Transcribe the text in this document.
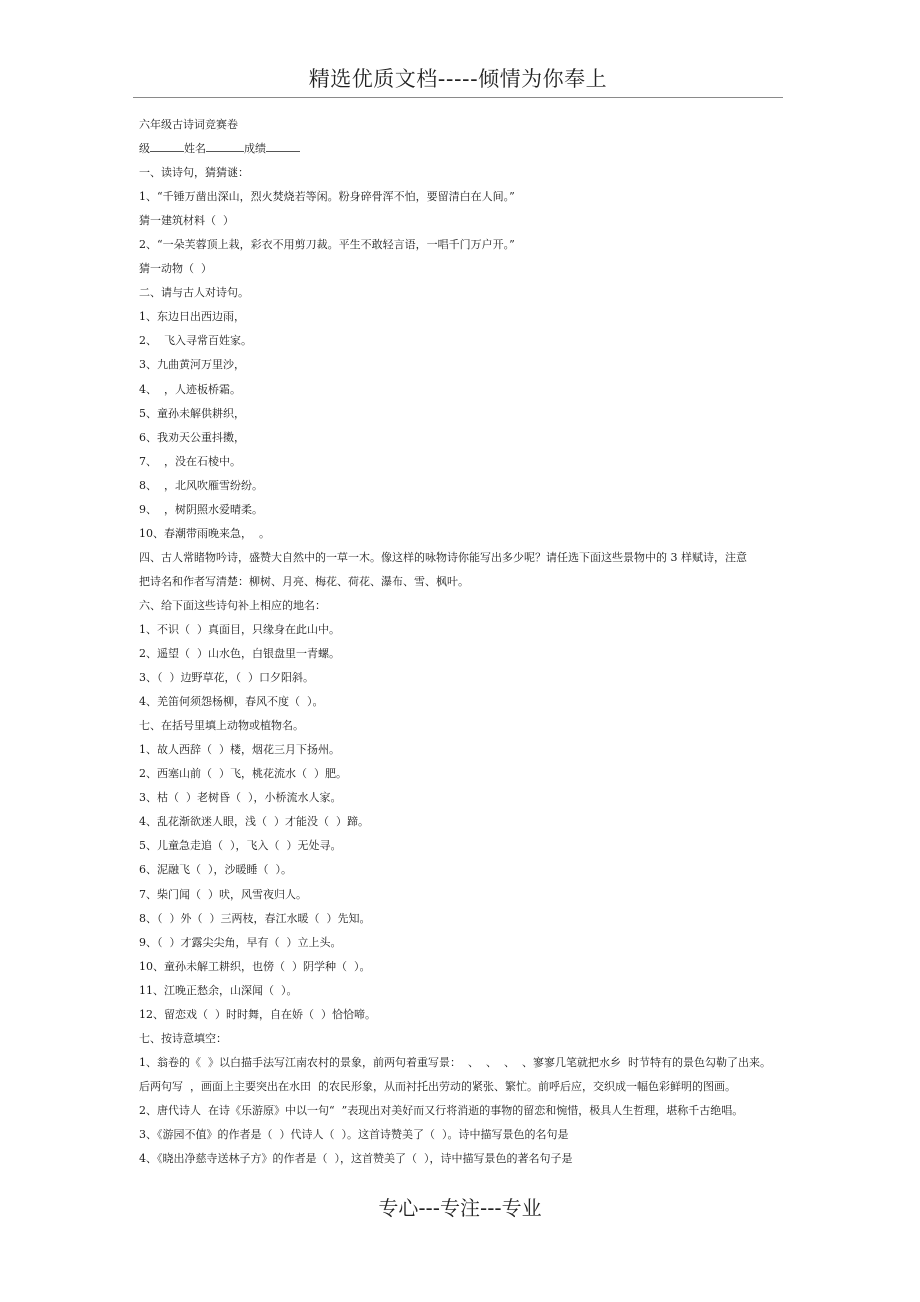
精选优质文档-----倾情为你奉上
六年级古诗词竞赛卷
级	姓名	成绩
一、读诗句，猜猜谜：
1、“千锤万凿出深山，烈火焚烧若等闲。粉身碎骨浑不怕，要留清白在人间。”
猜一建筑材料（  ）
2、“一朵芙蓉顶上栽，彩衣不用剪刀裁。平生不敢轻言语，一唱千门万户开。”
猜一动物（  ）
二、请与古人对诗句。
1、东边日出西边雨，
2、  飞入寻常百姓家。
3、九曲黄河万里沙，
4、  ，人迹板桥霜。
5、童孙未解供耕织，
6、我劝天公重抖擞，
7、  ，没在石棱中。
8、  ，北风吹雁雪纷纷。
9、  ，树阴照水爱晴柔。
10、春潮带雨晚来急，  。
四、古人常睹物吟诗，盛赞大自然中的一草一木。像这样的咏物诗你能写出多少呢？请任选下面这些景物中的 3 样赋诗，注意
把诗名和作者写清楚：柳树、月亮、梅花、荷花、瀑布、雪、枫叶。
六、给下面这些诗句补上相应的地名：
1、不识（  ）真面目，只缘身在此山中。
2、遥望（  ）山水色，白银盘里一青螺。
3、（  ）边野草花，（  ）口夕阳斜。
4、羌笛何须怨杨柳，春风不度（  ）。
七、在括号里填上动物或植物名。
1、故人西辞（  ）楼，烟花三月下扬州。
2、西塞山前（  ）飞，桃花流水（  ）肥。
3、枯（  ）老树昏（  ），小桥流水人家。
4、乱花渐欲迷人眼，浅（  ）才能没（  ）蹄。
5、儿童急走追（  ），飞入（  ）无处寻。
6、泥融飞（  ），沙暖睡（  ）。
7、柴门闻（  ）吠，风雪夜归人。
8、（  ）外（  ）三两枝，春江水暖（  ）先知。
9、（  ）才露尖尖角，早有（  ）立上头。
10、童孙未解工耕织，也傍（  ）阴学种（  ）。
11、江晚正愁余，山深闻（  ）。
12、留恋戏（  ）时时舞，自在娇（  ）恰恰啼。
七、按诗意填空：
1、翁卷的《  》以白描手法写江南农村的景象，前两句着重写景：  、  、  、  、寥寥几笔就把水乡  时节特有的景色勾勒了出来。
后两句写  ，画面上主要突出在水田  的农民形象，从而衬托出劳动的紧张、繁忙。前呼后应，交织成一幅色彩鲜明的图画。
2、唐代诗人  在诗《乐游原》中以一句“  ”表现出对美好而又行将消逝的事物的留恋和惋惜，极具人生哲理，堪称千古绝唱。
3、《游园不值》的作者是（  ）代诗人（  ）。这首诗赞美了（  ）。诗中描写景色的名句是
4、《晓出净慈寺送林子方》的作者是（  ），这首赞美了（  ），诗中描写景色的著名句子是
专心---专注---专业
